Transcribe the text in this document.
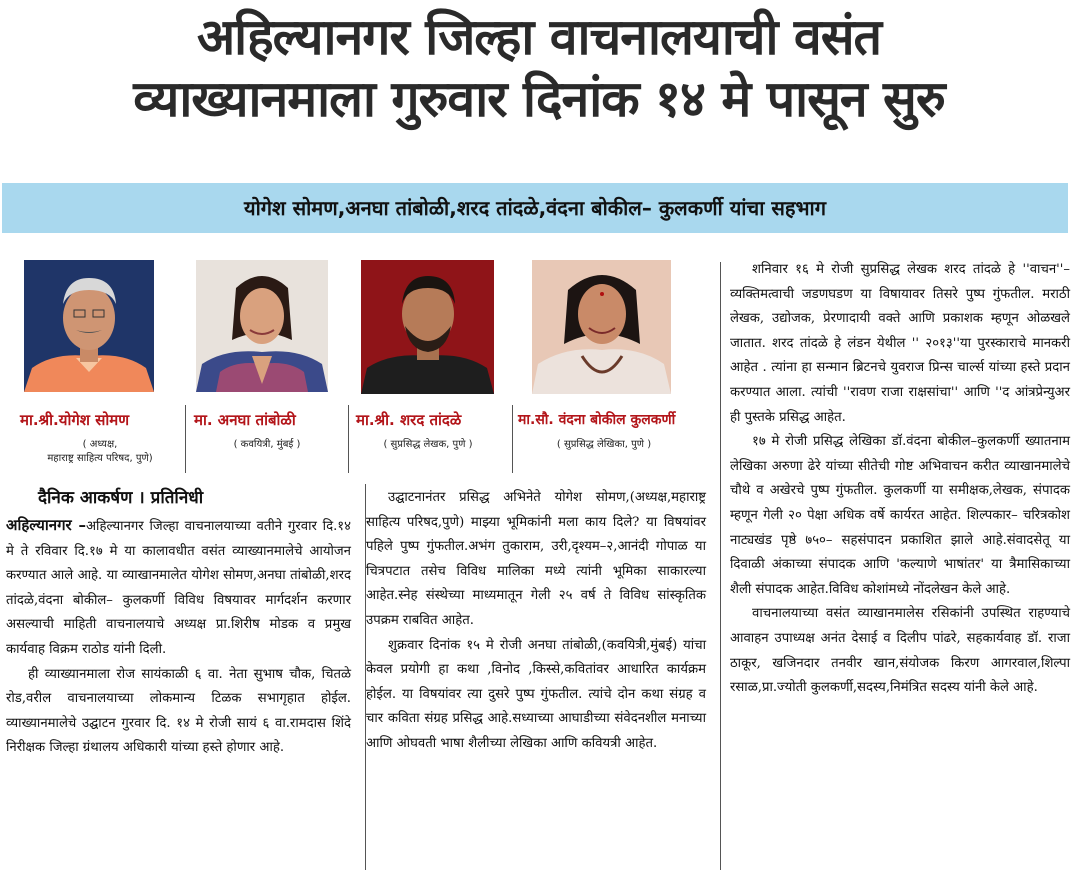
अहिल्यानगर जिल्हा वाचनालयाची वसंत
व्याख्यानमाला गुरुवार दिनांक १४ मे पासून सुरु
योगेश सोमण,अनघा तांबोळी,शरद तांदळे,वंदना बोकील– कुलकर्णी यांचा सहभाग
मा.श्री.योगेश सोमण
( अध्यक्ष,
महाराष्ट्र साहित्य परिषद, पुणे)
मा. अनघा तांबोळी
( कवयित्री, मुंबई )
मा.श्री. शरद तांदळे
( सुप्रसिद्ध लेखक, पुणे )
मा.सौ. वंदना बोकील कुलकर्णी
( सुप्रसिद्ध लेखिका, पुणे )
दैनिक आकर्षण । प्रतिनिधी

अहिल्यानगर –अहिल्यानगर जिल्हा वाचनालयाच्या वतीने गुरवार दि.१४ मे ते रविवार दि.१७ मे या कालावधीत वसंत व्याख्यानमालेचे आयोजन करण्यात आले आहे. या व्याखानमालेत योगेश सोमण,अनघा तांबोळी,शरद तांदळे,वंदना बोकील– कुलकर्णी विविध विषयावर मार्गदर्शन करणार असल्याची माहिती वाचनालयाचे अध्यक्ष प्रा.शिरीष मोडक व प्रमुख कार्यवाह विक्रम राठोड यांनी दिली.

ही व्याख्यानमाला रोज सायंकाळी ६ वा. नेता सुभाष चौक, चितळे रोड,वरील वाचनालयाच्या लोकमान्य टिळक सभागृहात होईल. व्याख्यानमालेचे उद्घाटन गुरवार दि. १४ मे रोजी सायं ६ वा.रामदास शिंदे निरीक्षक जिल्हा ग्रंथालय अधिकारी यांच्या हस्ते होणार आहे.

उद्घाटनानंतर प्रसिद्ध अभिनेते योगेश सोमण,(अध्यक्ष,महाराष्ट्र साहित्य परिषद,पुणे) माझ्या भूमिकांनी मला काय दिले? या विषयांवर पहिले पुष्प गुंफतील.अभंग तुकाराम, उरी,दृश्यम–२,आनंदी गोपाळ या चित्रपटात तसेच विविध मालिका मध्ये त्यांनी भूमिका साकारल्या आहेत.स्नेह संस्थेच्या माध्यमातून गेली २५ वर्ष ते विविध सांस्कृतिक उपक्रम राबवित आहेत.

शुक्रवार दिनांक १५ मे रोजी अनघा तांबोळी,(कवयित्री,मुंबई) यांचा केवल प्रयोगी हा कथा ,विनोद ,किस्से,कवितांवर आधारित कार्यक्रम होईल. या विषयांवर त्या दुसरे पुष्प गुंफतील. त्यांचे दोन कथा संग्रह व चार कविता संग्रह प्रसिद्ध आहे.सध्याच्या आघाडीच्या संवेदनशील मनाच्या आणि ओघवती भाषा शैलीच्या लेखिका आणि कवियत्री आहेत.

शनिवार १६ मे रोजी सुप्रसिद्ध लेखक शरद तांदळे हे ''वाचन''– व्यक्तिमत्वाची जडणघडण या विषायावर तिसरे पुष्प गुंफतील. मराठी लेखक, उद्योजक, प्रेरणादायी वक्ते आणि प्रकाशक म्हणून ओळखले जातात. शरद तांदळे हे लंडन येथील '' २०१३''या पुरस्काराचे मानकरी आहेत . त्यांना हा सन्मान ब्रिटनचे युवराज प्रिन्स चार्ल्स यांच्या हस्ते प्रदान करण्यात आला. त्यांची ''रावण राजा राक्षसांचा'' आणि ''द आंत्रप्रेन्युअर ही पुस्तके प्रसिद्ध आहेत.

१७ मे रोजी प्रसिद्ध लेखिका डॉ.वंदना बोकील–कुलकर्णी ख्यातनाम लेखिका अरुणा ढेरे यांच्या सीतेची गोष्ट अभिवाचन करीत व्याखानमालेचे चौथे व अखेरचे पुष्प गुंफतील. कुलकर्णी या समीक्षक,लेखक, संपादक म्हणून गेली २० पेक्षा अधिक वर्षे कार्यरत आहेत. शिल्पकार– चरित्रकोश नाट्यखंड पृष्ठे ७५०– सहसंपादन प्रकाशित झाले आहे.संवादसेतू या दिवाळी अंकाच्या संपादक आणि 'कल्याणे भाषांतर' या त्रैमासिकाच्या शैली संपादक आहेत.विविध कोशांमध्ये नोंदलेखन केले आहे.

वाचनालयाच्या वसंत व्याखानमालेस रसिकांनी उपस्थित राहण्याचे आवाहन उपाध्यक्ष अनंत देसाई व दिलीप पांढरे, सहकार्यवाह डॉ. राजा ठाकूर, खजिनदार तनवीर खान,संयोजक किरण आगरवाल,शिल्पा रसाळ,प्रा.ज्योती कुलकर्णी,सदस्य,निमंत्रित सदस्य यांनी केले आहे.
